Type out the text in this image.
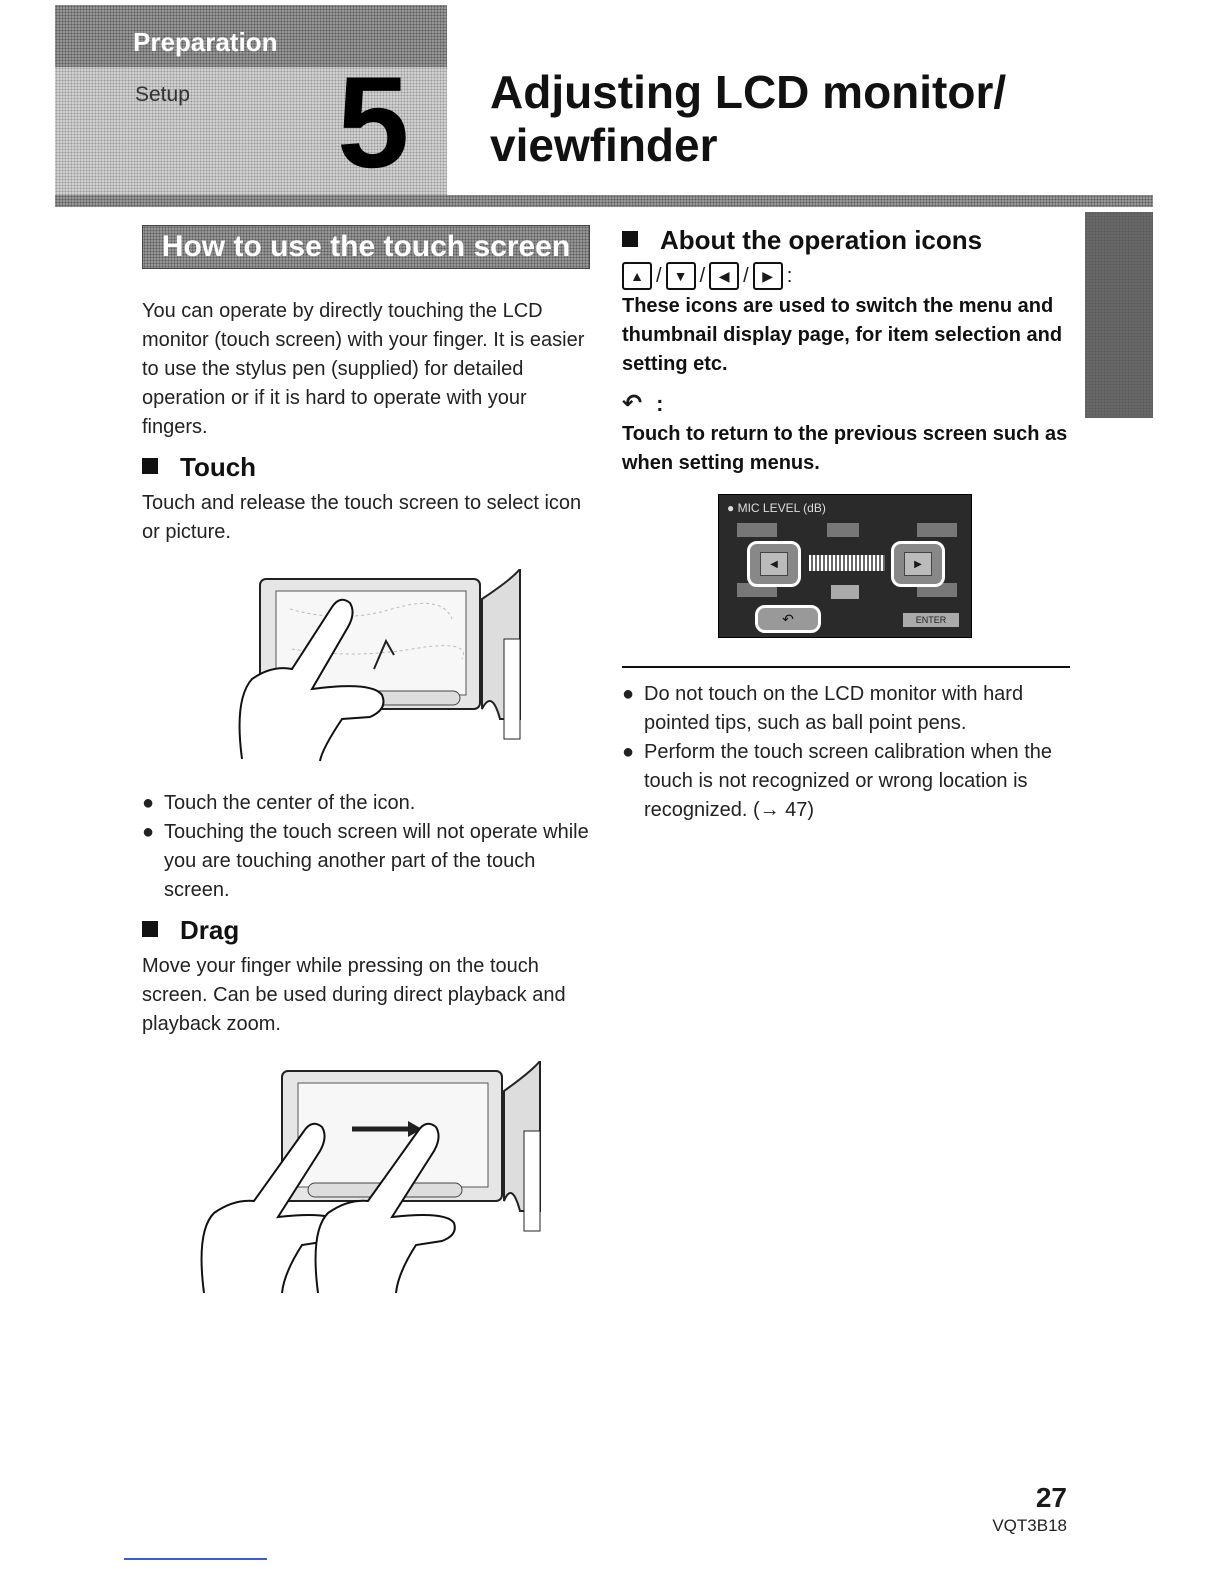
Preparation
Setup 5 Adjusting LCD monitor/ viewfinder
How to use the touch screen

You can operate by directly touching the LCD monitor (touch screen) with your finger. It is easier to use the stylus pen (supplied) for detailed operation or if it is hard to operate with your fingers.

Touch

Touch and release the touch screen to select icon or picture.

● Touch the center of the icon.

● Touching the touch screen will not operate while you are touching another part of the touch screen.

Drag

Move your finger while pressing on the touch screen. Can be used during direct playback and playback zoom.

About the operation icons

▲ / ▼ / ◀ / ▶ :

These icons are used to switch the menu and thumbnail display page, for item selection and setting etc.

↶ :

Touch to return to the previous screen such as when setting menus.

● MIC LEVEL (dB)
◀	▶
↶	ENTER

● Do not touch on the LCD monitor with hard pointed tips, such as ball point pens.

● Perform the touch screen calibration when the touch is not recognized or wrong location is recognized. (→ 47)

27
VQT3B18
